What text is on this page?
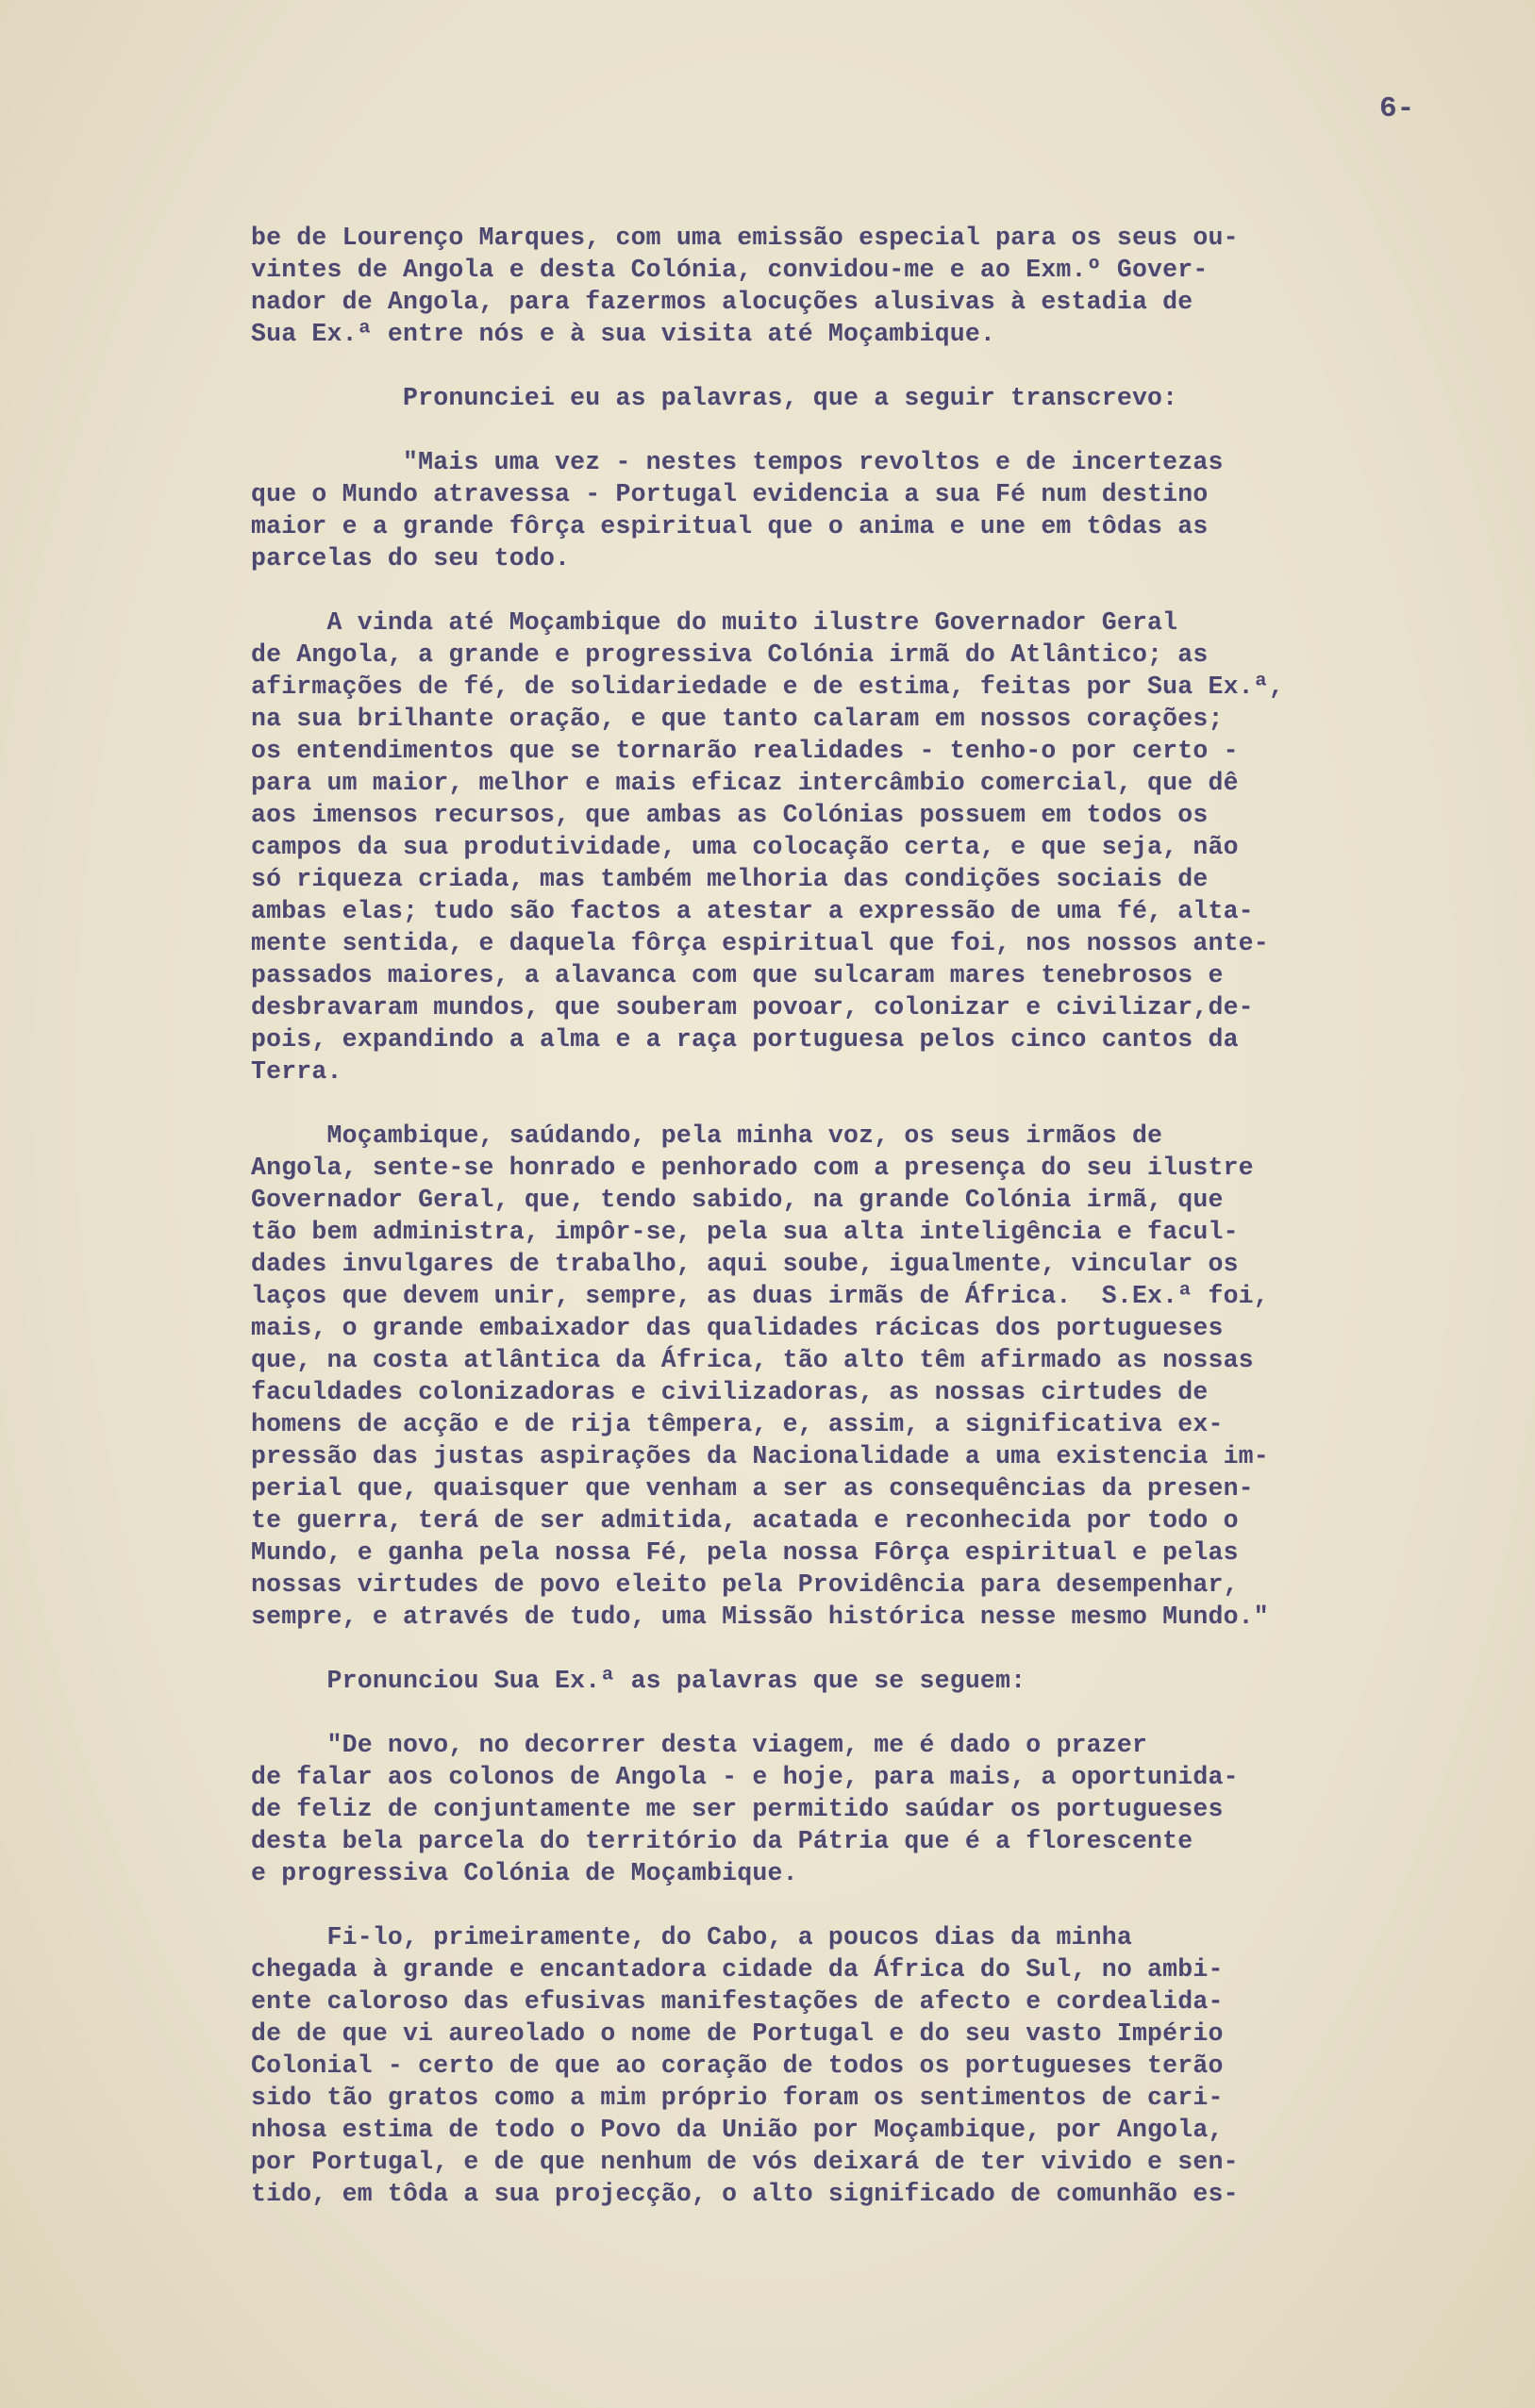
6-

be de Lourenço Marques, com uma emissão especial para os seus ou-
vintes de Angola e desta Colónia, convidou-me e ao Exm.º Gover-
nador de Angola, para fazermos alocuções alusivas à estadia de
Sua Ex.ª entre nós e à sua visita até Moçambique.

Pronunciei eu as palavras, que a seguir transcrevo:

"Mais uma vez - nestes tempos revoltos e de incertezas
que o Mundo atravessa - Portugal evidencia a sua Fé num destino
maior e a grande fôrça espiritual que o anima e une em tôdas as
parcelas do seu todo.

A vinda até Moçambique do muito ilustre Governador Geral
de Angola, a grande e progressiva Colónia irmã do Atlântico; as
afirmações de fé, de solidariedade e de estima, feitas por Sua Ex.ª,
na sua brilhante oração, e que tanto calaram em nossos corações;
os entendimentos que se tornarão realidades - tenho-o por certo -
para um maior, melhor e mais eficaz intercâmbio comercial, que dê
aos imensos recursos, que ambas as Colónias possuem em todos os
campos da sua produtividade, uma colocação certa, e que seja, não
só riqueza criada, mas também melhoria das condições sociais de
ambas elas; tudo são factos a atestar a expressão de uma fé, alta-
mente sentida, e daquela fôrça espiritual que foi, nos nossos ante-
passados maiores, a alavanca com que sulcaram mares tenebrosos e
desbravaram mundos, que souberam povoar, colonizar e civilizar,de-
pois, expandindo a alma e a raça portuguesa pelos cinco cantos da
Terra.

Moçambique, saúdando, pela minha voz, os seus irmãos de
Angola, sente-se honrado e penhorado com a presença do seu ilustre
Governador Geral, que, tendo sabido, na grande Colónia irmã, que
tão bem administra, impôr-se, pela sua alta inteligência e facul-
dades invulgares de trabalho, aqui soube, igualmente, vincular os
laços que devem unir, sempre, as duas irmãs de África.  S.Ex.ª foi,
mais, o grande embaixador das qualidades rácicas dos portugueses
que, na costa atlântica da África, tão alto têm afirmado as nossas
faculdades colonizadoras e civilizadoras, as nossas cirtudes de
homens de acção e de rija têmpera, e, assim, a significativa ex-
pressão das justas aspirações da Nacionalidade a uma existencia im-
perial que, quaisquer que venham a ser as consequências da presen-
te guerra, terá de ser admitida, acatada e reconhecida por todo o
Mundo, e ganha pela nossa Fé, pela nossa Fôrça espiritual e pelas
nossas virtudes de povo eleito pela Providência para desempenhar,
sempre, e através de tudo, uma Missão histórica nesse mesmo Mundo."

Pronunciou Sua Ex.ª as palavras que se seguem:

"De novo, no decorrer desta viagem, me é dado o prazer
de falar aos colonos de Angola - e hoje, para mais, a oportunida-
de feliz de conjuntamente me ser permitido saúdar os portugueses
desta bela parcela do território da Pátria que é a florescente
e progressiva Colónia de Moçambique.

Fi-lo, primeiramente, do Cabo, a poucos dias da minha
chegada à grande e encantadora cidade da África do Sul, no ambi-
ente caloroso das efusivas manifestações de afecto e cordealida-
de de que vi aureolado o nome de Portugal e do seu vasto Império
Colonial - certo de que ao coração de todos os portugueses terão
sido tão gratos como a mim próprio foram os sentimentos de cari-
nhosa estima de todo o Povo da União por Moçambique, por Angola,
por Portugal, e de que nenhum de vós deixará de ter vivido e sen-
tido, em tôda a sua projecção, o alto significado de comunhão es-
